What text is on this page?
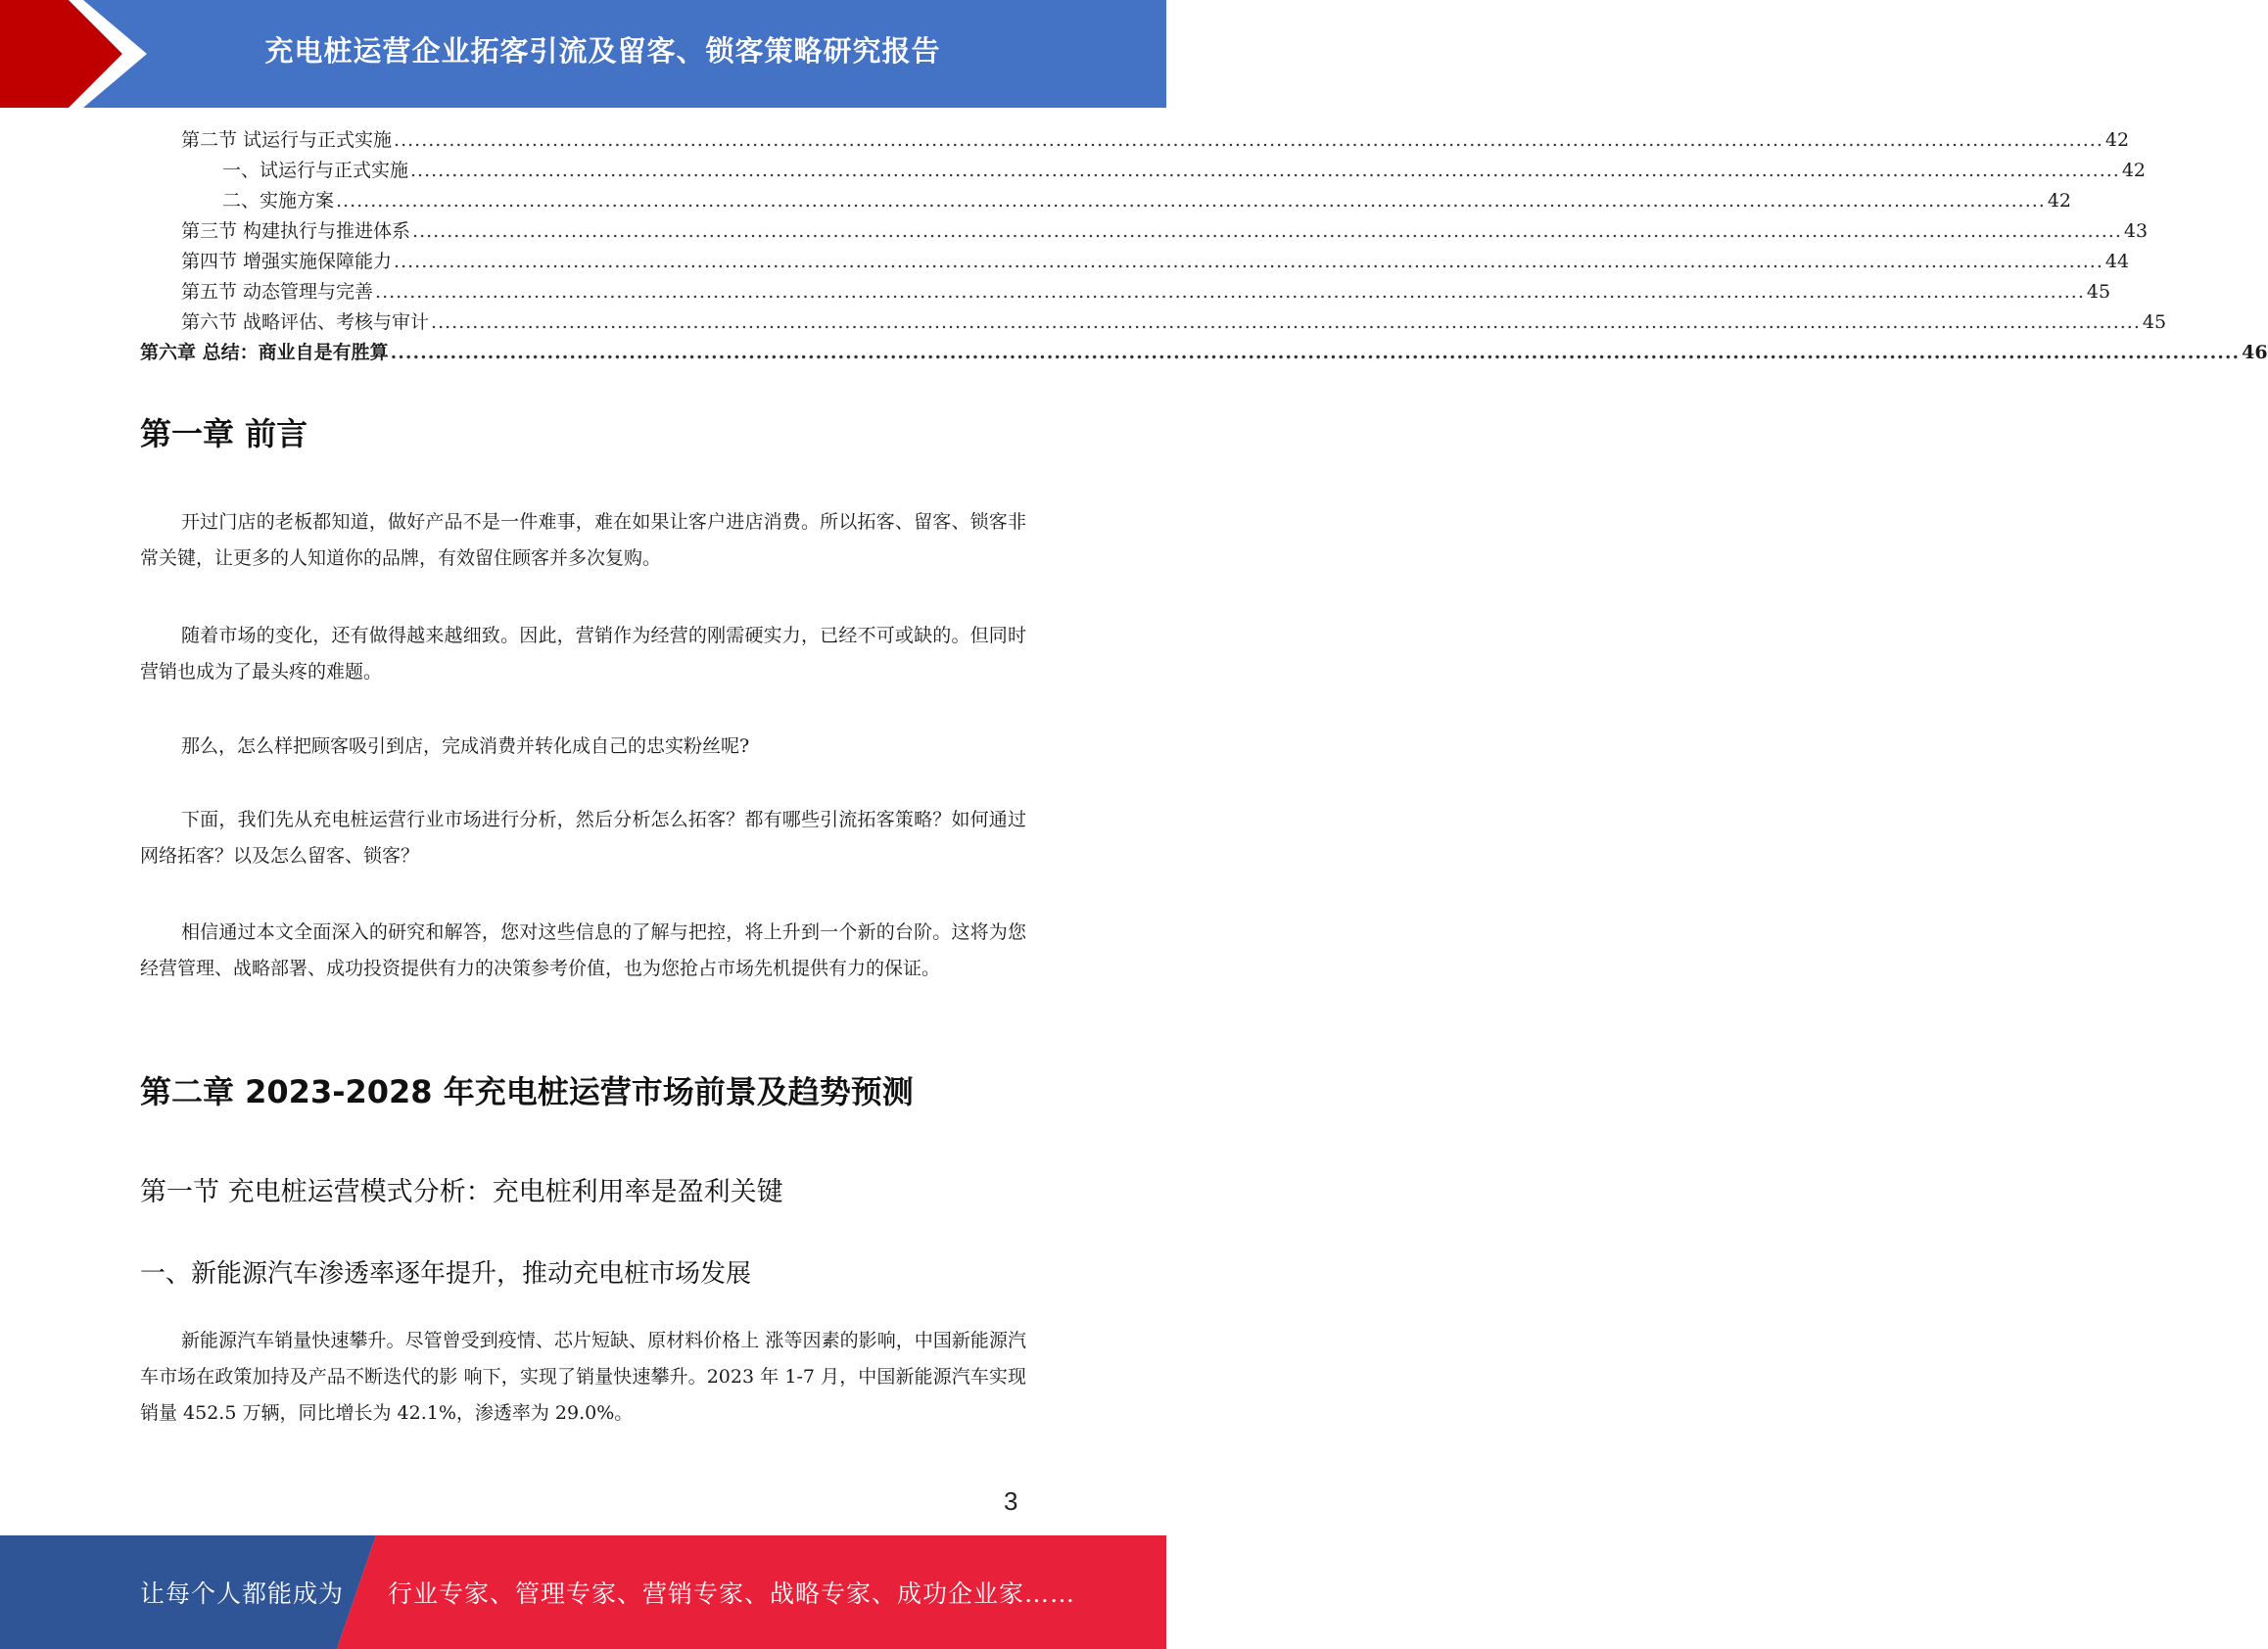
充电桩运营企业拓客引流及留客、锁客策略研究报告
第二节 试运行与正式实施 ........................................................................................................................................................................................................................................................ 42
一、试运行与正式实施 ........................................................................................................................................................................................................................................................ 42
二、实施方案 ........................................................................................................................................................................................................................................................ 42
第三节 构建执行与推进体系 ........................................................................................................................................................................................................................................................ 43
第四节 增强实施保障能力 ........................................................................................................................................................................................................................................................ 44
第五节 动态管理与完善 ........................................................................................................................................................................................................................................................ 45
第六节 战略评估、考核与审计 ........................................................................................................................................................................................................................................................ 45
第六章 总结：商业自是有胜算 ........................................................................................................................................................................................................................................................ 46
第一章 前言
开过门店的老板都知道，做好产品不是一件难事，难在如果让客户进店消费。所以拓客、留客、锁客非常关键，让更多的人知道你的品牌，有效留住顾客并多次复购。
随着市场的变化，还有做得越来越细致。因此，营销作为经营的刚需硬实力，已经不可或缺的。但同时营销也成为了最头疼的难题。
那么，怎么样把顾客吸引到店，完成消费并转化成自己的忠实粉丝呢?
下面，我们先从充电桩运营行业市场进行分析，然后分析怎么拓客？都有哪些引流拓客策略？如何通过网络拓客？以及怎么留客、锁客？
相信通过本文全面深入的研究和解答，您对这些信息的了解与把控，将上升到一个新的台阶。这将为您经营管理、战略部署、成功投资提供有力的决策参考价值，也为您抢占市场先机提供有力的保证。
第二章 2023-2028 年充电桩运营市场前景及趋势预测
第一节 充电桩运营模式分析：充电桩利用率是盈利关键
一、新能源汽车渗透率逐年提升，推动充电桩市场发展
新能源汽车销量快速攀升。尽管曾受到疫情、芯片短缺、原材料价格上 涨等因素的影响，中国新能源汽车市场在政策加持及产品不断迭代的影 响下，实现了销量快速攀升。2023 年 1-7 月，中国新能源汽车实现销量 452.5 万辆，同比增长为 42.1%，渗透率为 29.0%。
3
让每个人都能成为 行业专家、管理专家、营销专家、战略专家、成功企业家……
